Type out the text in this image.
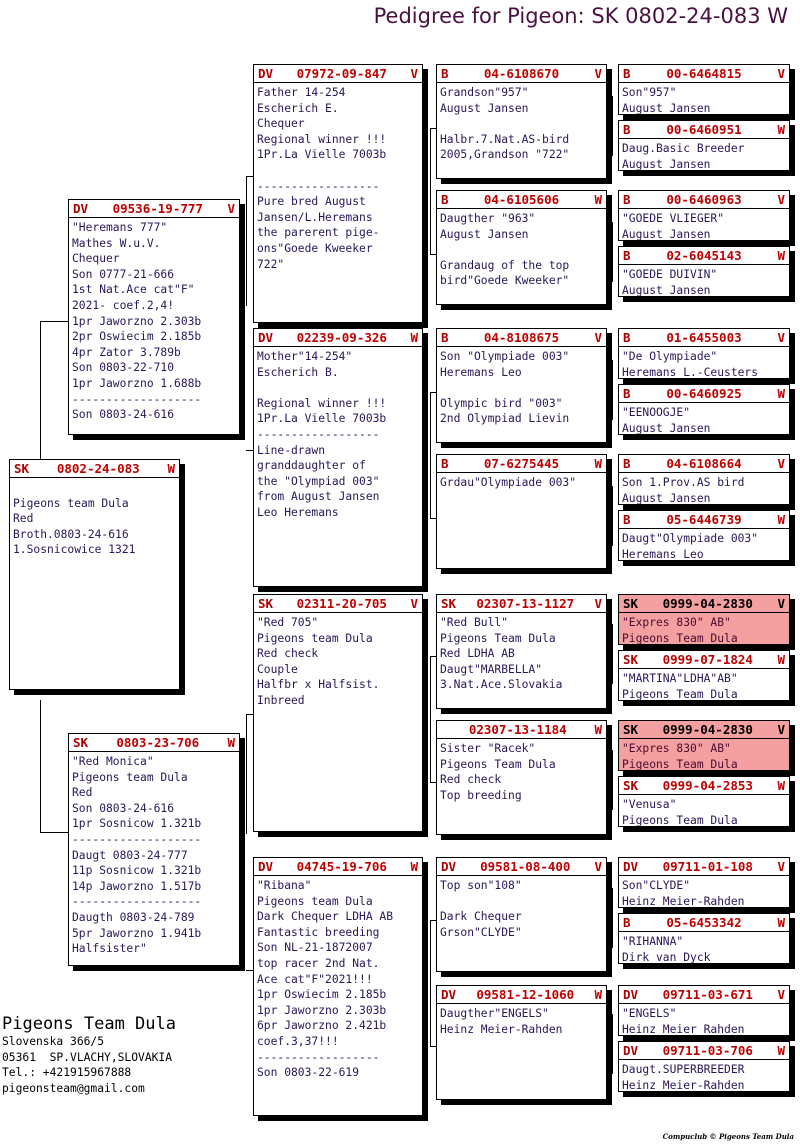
Pedigree for Pigeon: SK 0802-24-083 W
SK 0802-24-083 W

Pigeons team Dula
Red
Broth.0803-24-616
1.Sosnicowice 1321
DV 09536-19-777 V
"Heremans 777"
Mathes W.u.V.
Chequer
Son 0777-21-666
1st Nat.Ace cat"F"
2021- coef.2,4!
1pr Jaworzno 2.303b
2pr Oswiecim 2.185b
4pr Zator 3.789b
Son 0803-22-710
1pr Jaworzno 1.688b
-------------------
Son 0803-24-616
SK 0803-23-706 W
"Red Monica"
Pigeons team Dula
Red
Son 0803-24-616
1pr Sosnicow 1.321b
-------------------
Daugt 0803-24-777
11p Sosnicow 1.321b
14p Jaworzno 1.517b
-------------------
Daugth 0803-24-789
5pr Jaworzno 1.941b
Halfsister"
DV 07972-09-847 V
Father 14-254
Escherich E.
Chequer
Regional winner !!!
1Pr.La Vielle 7003b

------------------
Pure bred August
Jansen/L.Heremans
the parerent pige-
ons"Goede Kweeker
722"
DV 02239-09-326 W
Mother"14-254"
Escherich B.

Regional winner !!!
1Pr.La Vielle 7003b
------------------
Line-drawn
granddaughter of
the "Olympiad 003"
from August Jansen
Leo Heremans
SK 02311-20-705 V
"Red 705"
Pigeons team Dula
Red check
Couple
Halfbr x Halfsist.
Inbreed
DV 04745-19-706 W
"Ribana"
Pigeons team Dula
Dark Chequer LDHA AB
Fantastic breeding
Son NL-21-1872007
top racer 2nd Nat.
Ace cat"F"2021!!!
1pr Oswiecim 2.185b
1pr Jaworzno 2.303b
6pr Jaworzno 2.421b
coef.3,37!!!
------------------
Son 0803-22-619
B	04-6108670	V
Grandson"957"
August Jansen

Halbr.7.Nat.AS-bird
2005,Grandson "722"
B	04-6105606	W
Daugther "963"
August Jansen

Grandaug of the top
bird"Goede Kweeker"
B	04-8108675	V
Son "Olympiade 003"
Heremans Leo

Olympic bird "003"
2nd Olympiad Lievin
B	07-6275445	W
Grdau"Olympiade 003"
SK 02307-13-1127 V
"Red Bull"
Pigeons Team Dula
Red LDHA AB
Daugt"MARBELLA"
3.Nat.Ace.Slovakia
02307-13-1184 W
Sister "Racek"
Pigeons Team Dula
Red check
Top breeding
DV 09581-08-400 V
Top son"108"

Dark Chequer
Grson"CLYDE"
DV 09581-12-1060 W
Daugther"ENGELS"
Heinz Meier-Rahden
B	00-6464815	V
Son"957"
August Jansen
B	00-6460951	W
Daug.Basic Breeder
August Jansen
B	00-6460963	V
"GOEDE VLIEGER"
August Jansen
B	02-6045143	W
"GOEDE DUIVIN"
August Jansen
B	01-6455003	V
"De Olympiade"
Heremans L.-Ceusters
B	00-6460925	W
"EENOOGJE"
August Jansen
B	04-6108664	V
Son 1.Prov.AS bird
August Jansen
B	05-6446739	W
Daugt"Olympiade 003"
Heremans Leo
SK 0999-04-2830 V
"Expres 830" AB"
Pigeons Team Dula
SK 0999-07-1824 W
"MARTINA"LDHA"AB"
Pigeons Team Dula
SK 0999-04-2830 V
"Expres 830" AB"
Pigeons Team Dula
SK 0999-04-2853 W
"Venusa"
Pigeons Team Dula
DV 09711-01-108 V
Son"CLYDE"
Heinz Meier-Rahden
B	05-6453342	W
"RIHANNA"
Dirk van Dyck
DV 09711-03-671 V
"ENGELS"
Heinz Meier Rahden
DV 09711-03-706 W
Daugt.SUPERBREEDER
Heinz Meier-Rahden
Pigeons Team Dula
Slovenska 366/5
05361  SP.VLACHY,SLOVAKIA
Tel.: +421915967888
pigeonsteam@gmail.com
Compuclub © Pigeons Team Dula
